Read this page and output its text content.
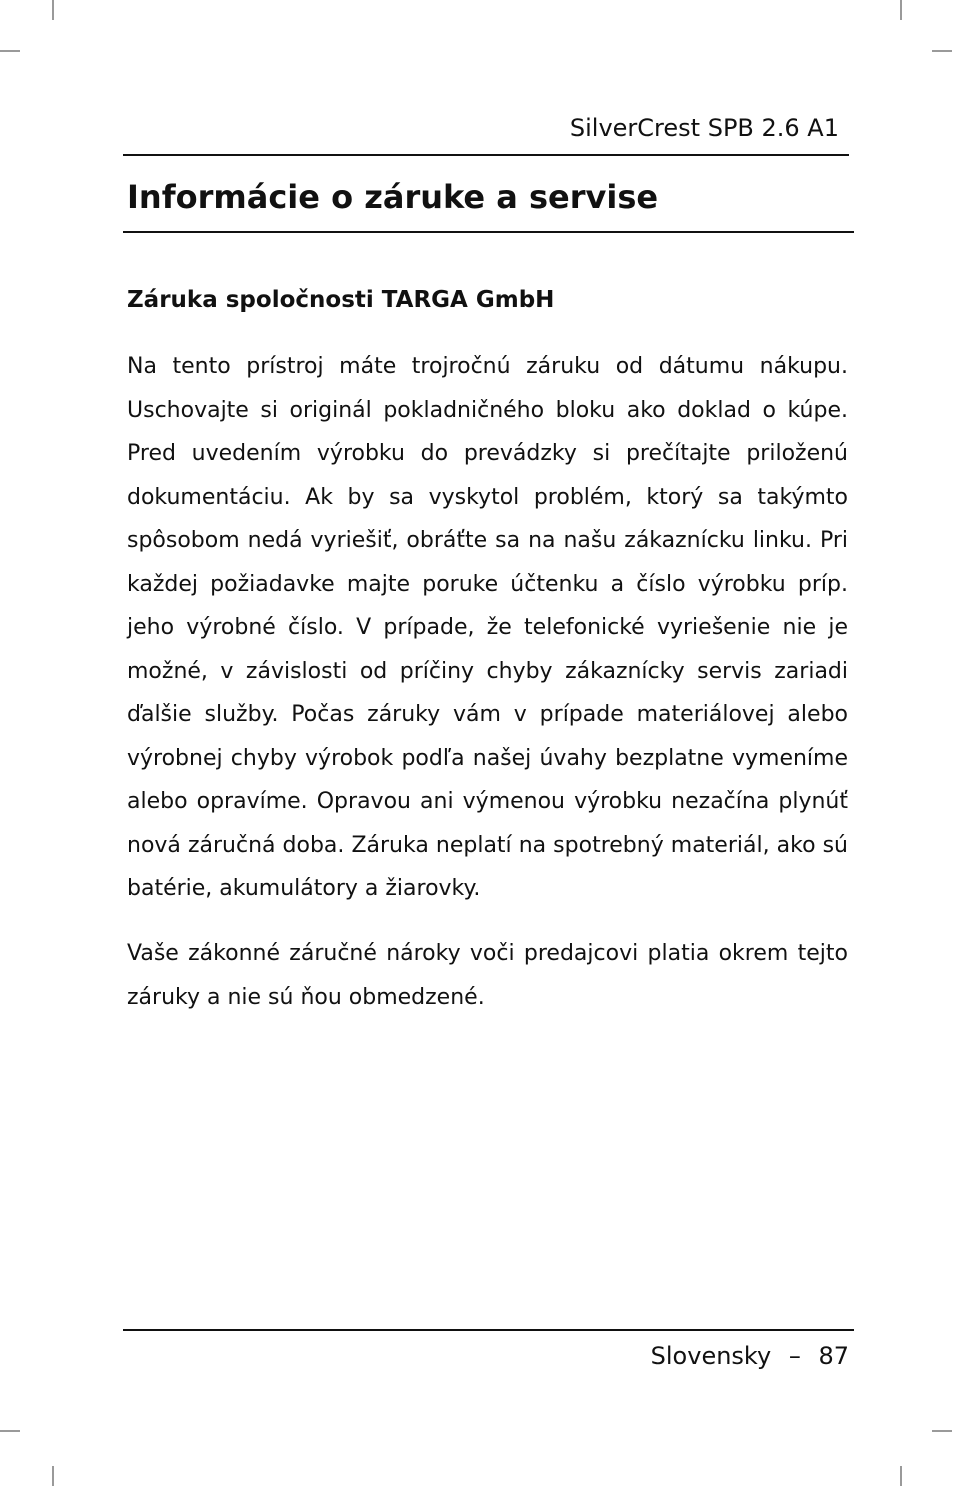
SilverCrest SPB 2.6 A1
Informácie o záruke a servise
Záruka spoločnosti TARGA GmbH

Na tento prístroj máte trojročnú záruku od dátumu nákupu. Uschovajte si originál pokladničného bloku ako doklad o kúpe. Pred uvedením výrobku do prevádzky si prečítajte priloženú dokumentáciu. Ak by sa vyskytol problém, ktorý sa takýmto spôsobom nedá vyriešiť, obráťte sa na našu zákaznícku linku. Pri každej požiadavke majte poruke účtenku a číslo výrobku príp. jeho výrobné číslo. V prípade, že telefonické vyriešenie nie je možné, v závislosti od príčiny chyby zákaznícky servis zariadi ďalšie služby. Počas záruky vám v prípade materiálovej alebo výrobnej chyby výrobok podľa našej úvahy bezplatne vymeníme alebo opravíme. Opravou ani výmenou výrobku nezačína plynúť nová záručná doba. Záruka neplatí na spotrebný materiál, ako sú batérie, akumulátory a žiarovky.

Vaše zákonné záručné nároky voči predajcovi platia okrem tejto záruky a nie sú ňou obmedzené.

Slovensky – 87
